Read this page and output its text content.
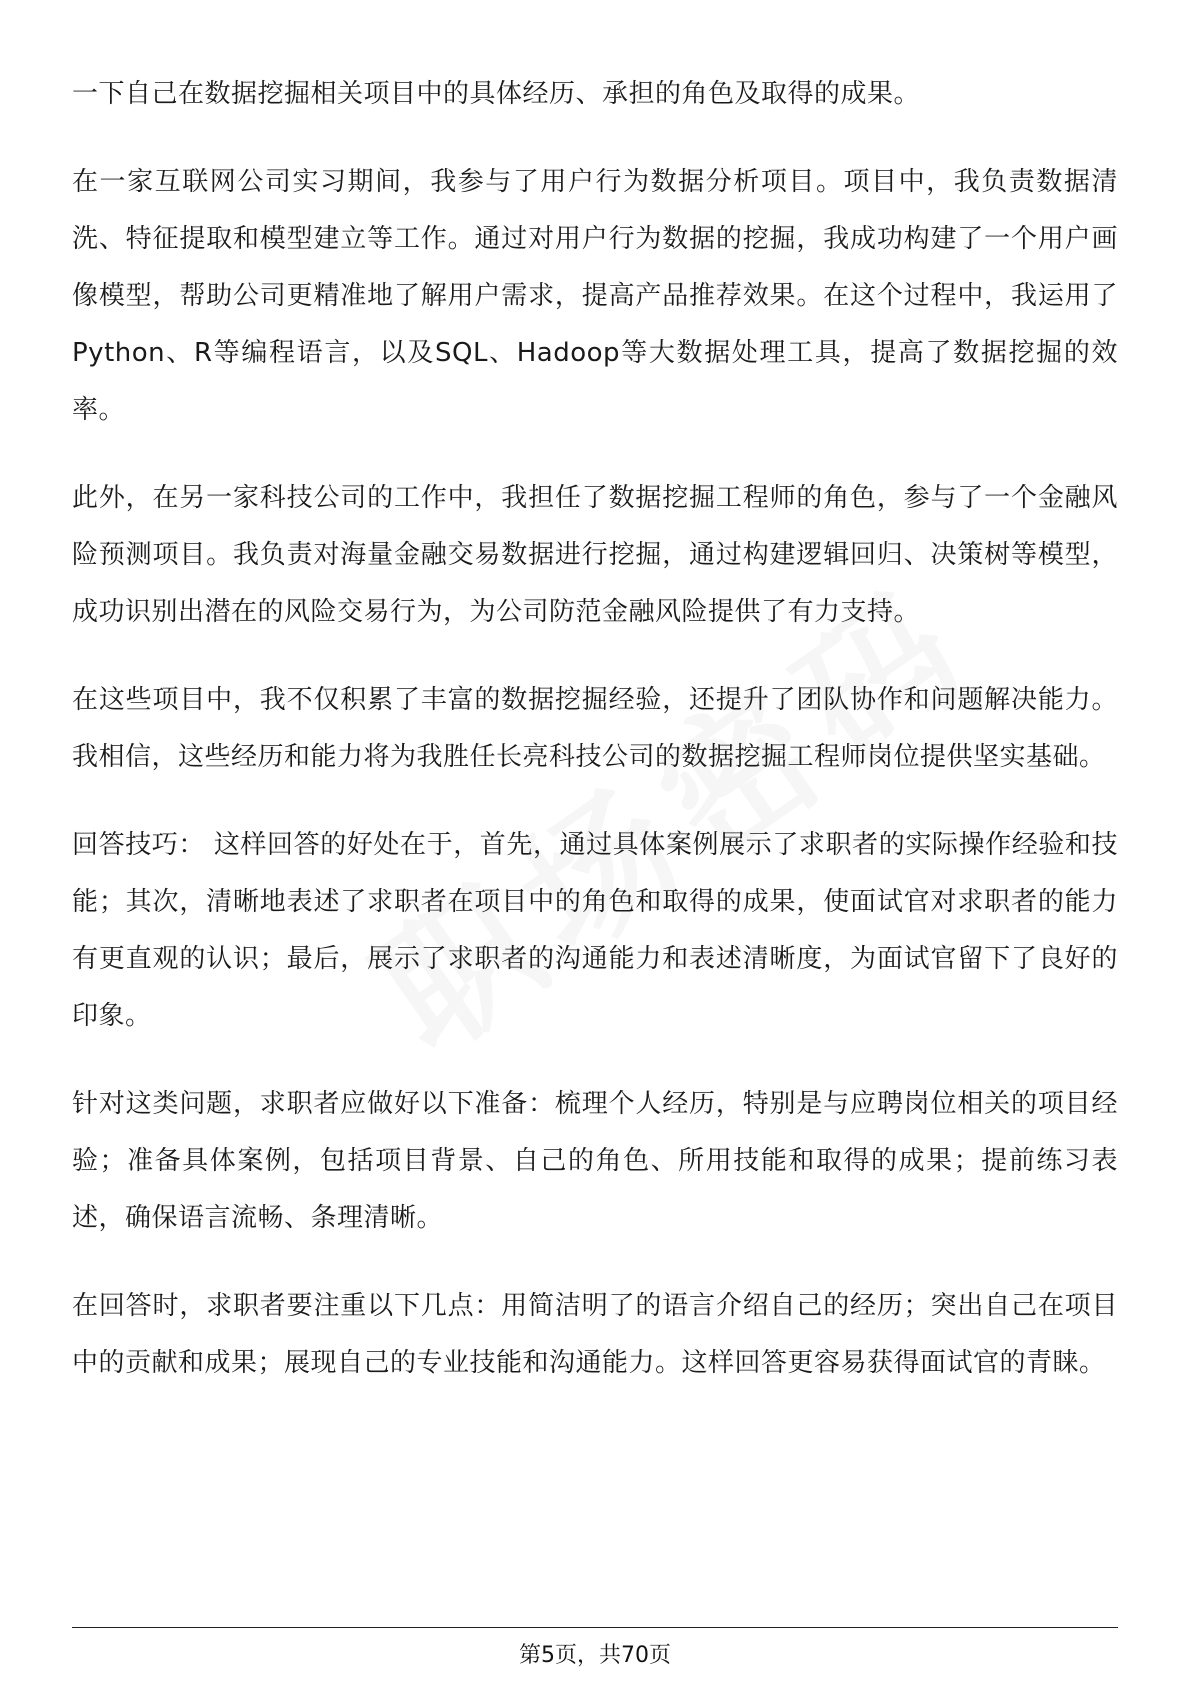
一下自己在数据挖掘相关项目中的具体经历、承担的角色及取得的成果。

在一家互联网公司实习期间，我参与了用户行为数据分析项目。项目中，我负责数据清洗、特征提取和模型建立等工作。通过对用户行为数据的挖掘，我成功构建了一个用户画像模型，帮助公司更精准地了解用户需求，提高产品推荐效果。在这个过程中，我运用了Python、R等编程语言，以及SQL、Hadoop等大数据处理工具，提高了数据挖掘的效率。

此外，在另一家科技公司的工作中，我担任了数据挖掘工程师的角色，参与了一个金融风险预测项目。我负责对海量金融交易数据进行挖掘，通过构建逻辑回归、决策树等模型，成功识别出潜在的风险交易行为，为公司防范金融风险提供了有力支持。

在这些项目中，我不仅积累了丰富的数据挖掘经验，还提升了团队协作和问题解决能力。我相信，这些经历和能力将为我胜任长亮科技公司的数据挖掘工程师岗位提供坚实基础。

回答技巧： 这样回答的好处在于，首先，通过具体案例展示了求职者的实际操作经验和技能；其次，清晰地表述了求职者在项目中的角色和取得的成果，使面试官对求职者的能力有更直观的认识；最后，展示了求职者的沟通能力和表述清晰度，为面试官留下了良好的印象。

针对这类问题，求职者应做好以下准备：梳理个人经历，特别是与应聘岗位相关的项目经验；准备具体案例，包括项目背景、自己的角色、所用技能和取得的成果；提前练习表述，确保语言流畅、条理清晰。

在回答时，求职者要注重以下几点：用简洁明了的语言介绍自己的经历；突出自己在项目中的贡献和成果；展现自己的专业技能和沟通能力。这样回答更容易获得面试官的青睐。

第5页，共70页
